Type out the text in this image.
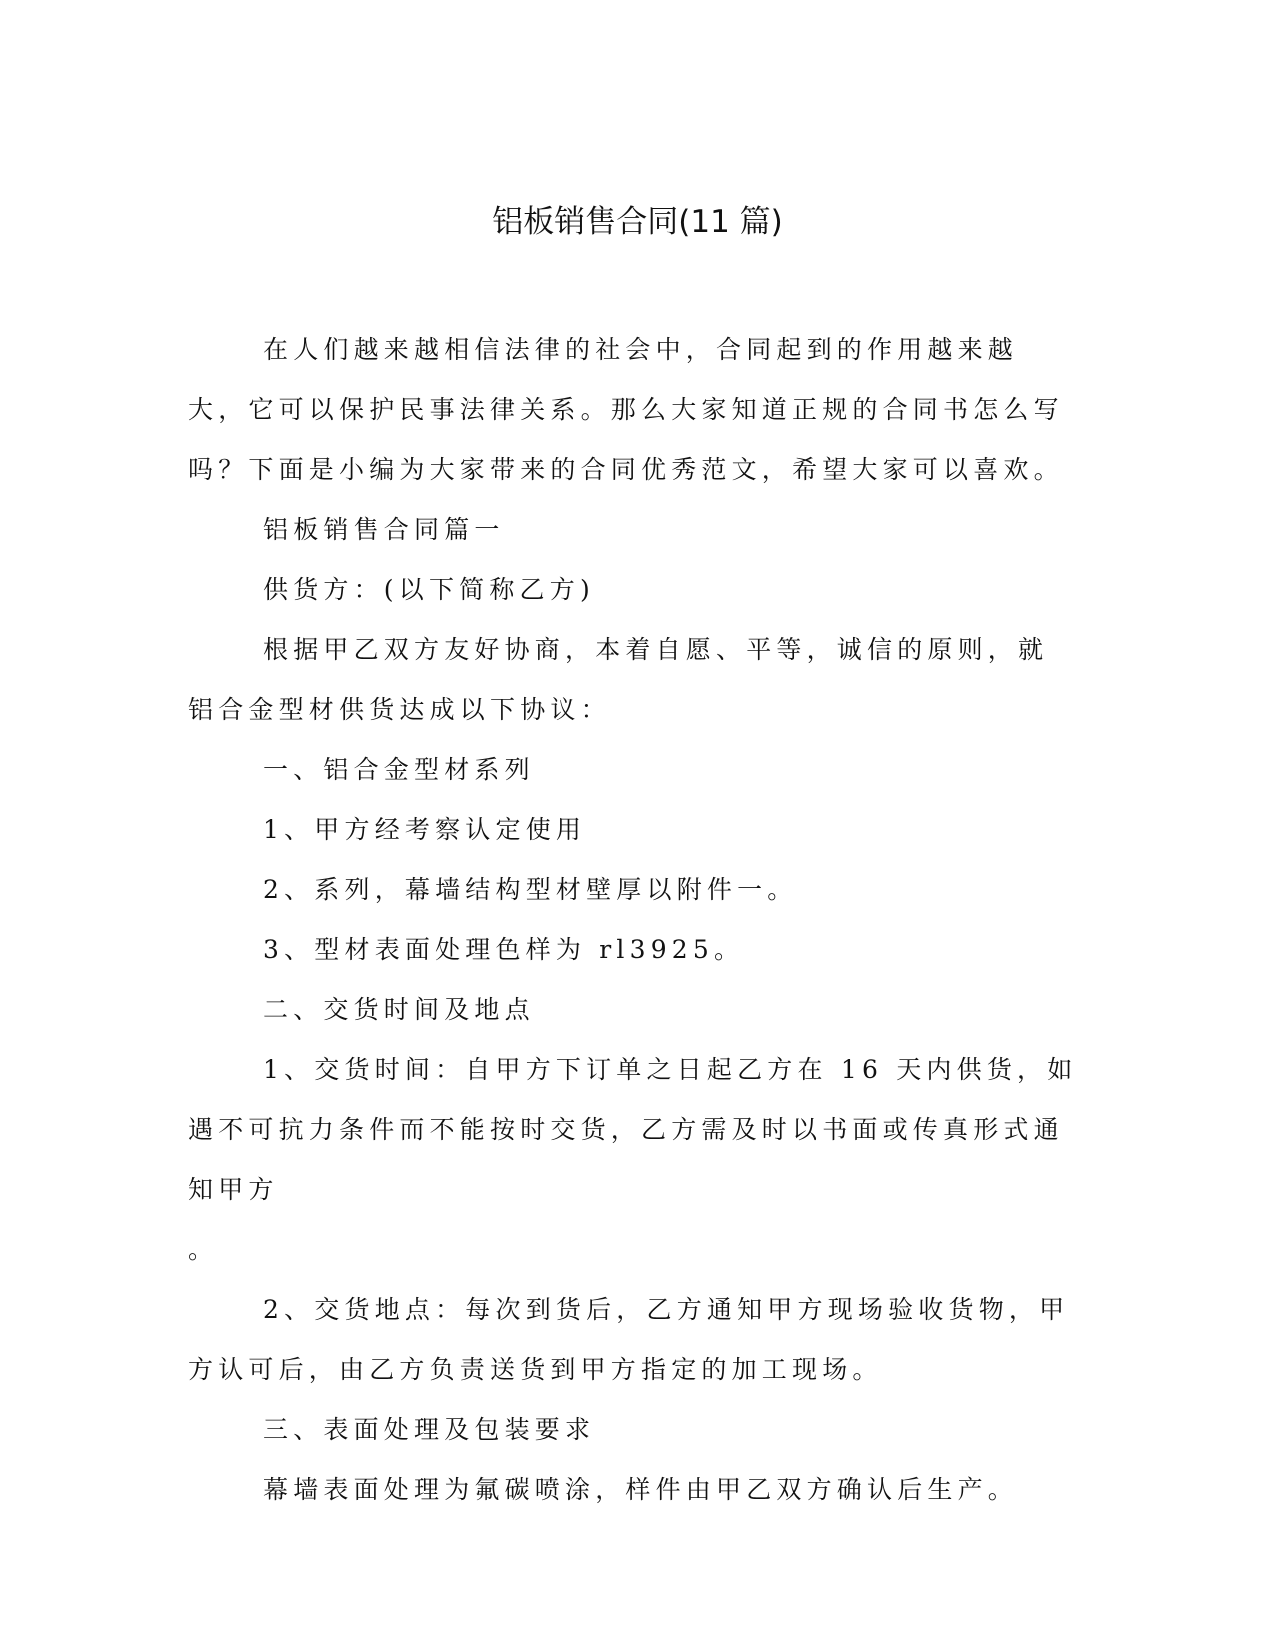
铝板销售合同(11 篇)

在人们越来越相信法律的社会中，合同起到的作用越来越大，它可以保护民事法律关系。那么大家知道正规的合同书怎么写吗？下面是小编为大家带来的合同优秀范文，希望大家可以喜欢。

铝板销售合同篇一

供货方：(以下简称乙方)

根据甲乙双方友好协商，本着自愿、平等，诚信的原则，就铝合金型材供货达成以下协议：

一、铝合金型材系列

1、甲方经考察认定使用

2、系列，幕墙结构型材壁厚以附件一。

3、型材表面处理色样为 rl3925。

二、交货时间及地点

1、交货时间：自甲方下订单之日起乙方在 16 天内供货，如遇不可抗力条件而不能按时交货，乙方需及时以书面或传真形式通知甲方

。

2、交货地点：每次到货后，乙方通知甲方现场验收货物，甲方认可后，由乙方负责送货到甲方指定的加工现场。

三、表面处理及包装要求

幕墙表面处理为氟碳喷涂，样件由甲乙双方确认后生产。
